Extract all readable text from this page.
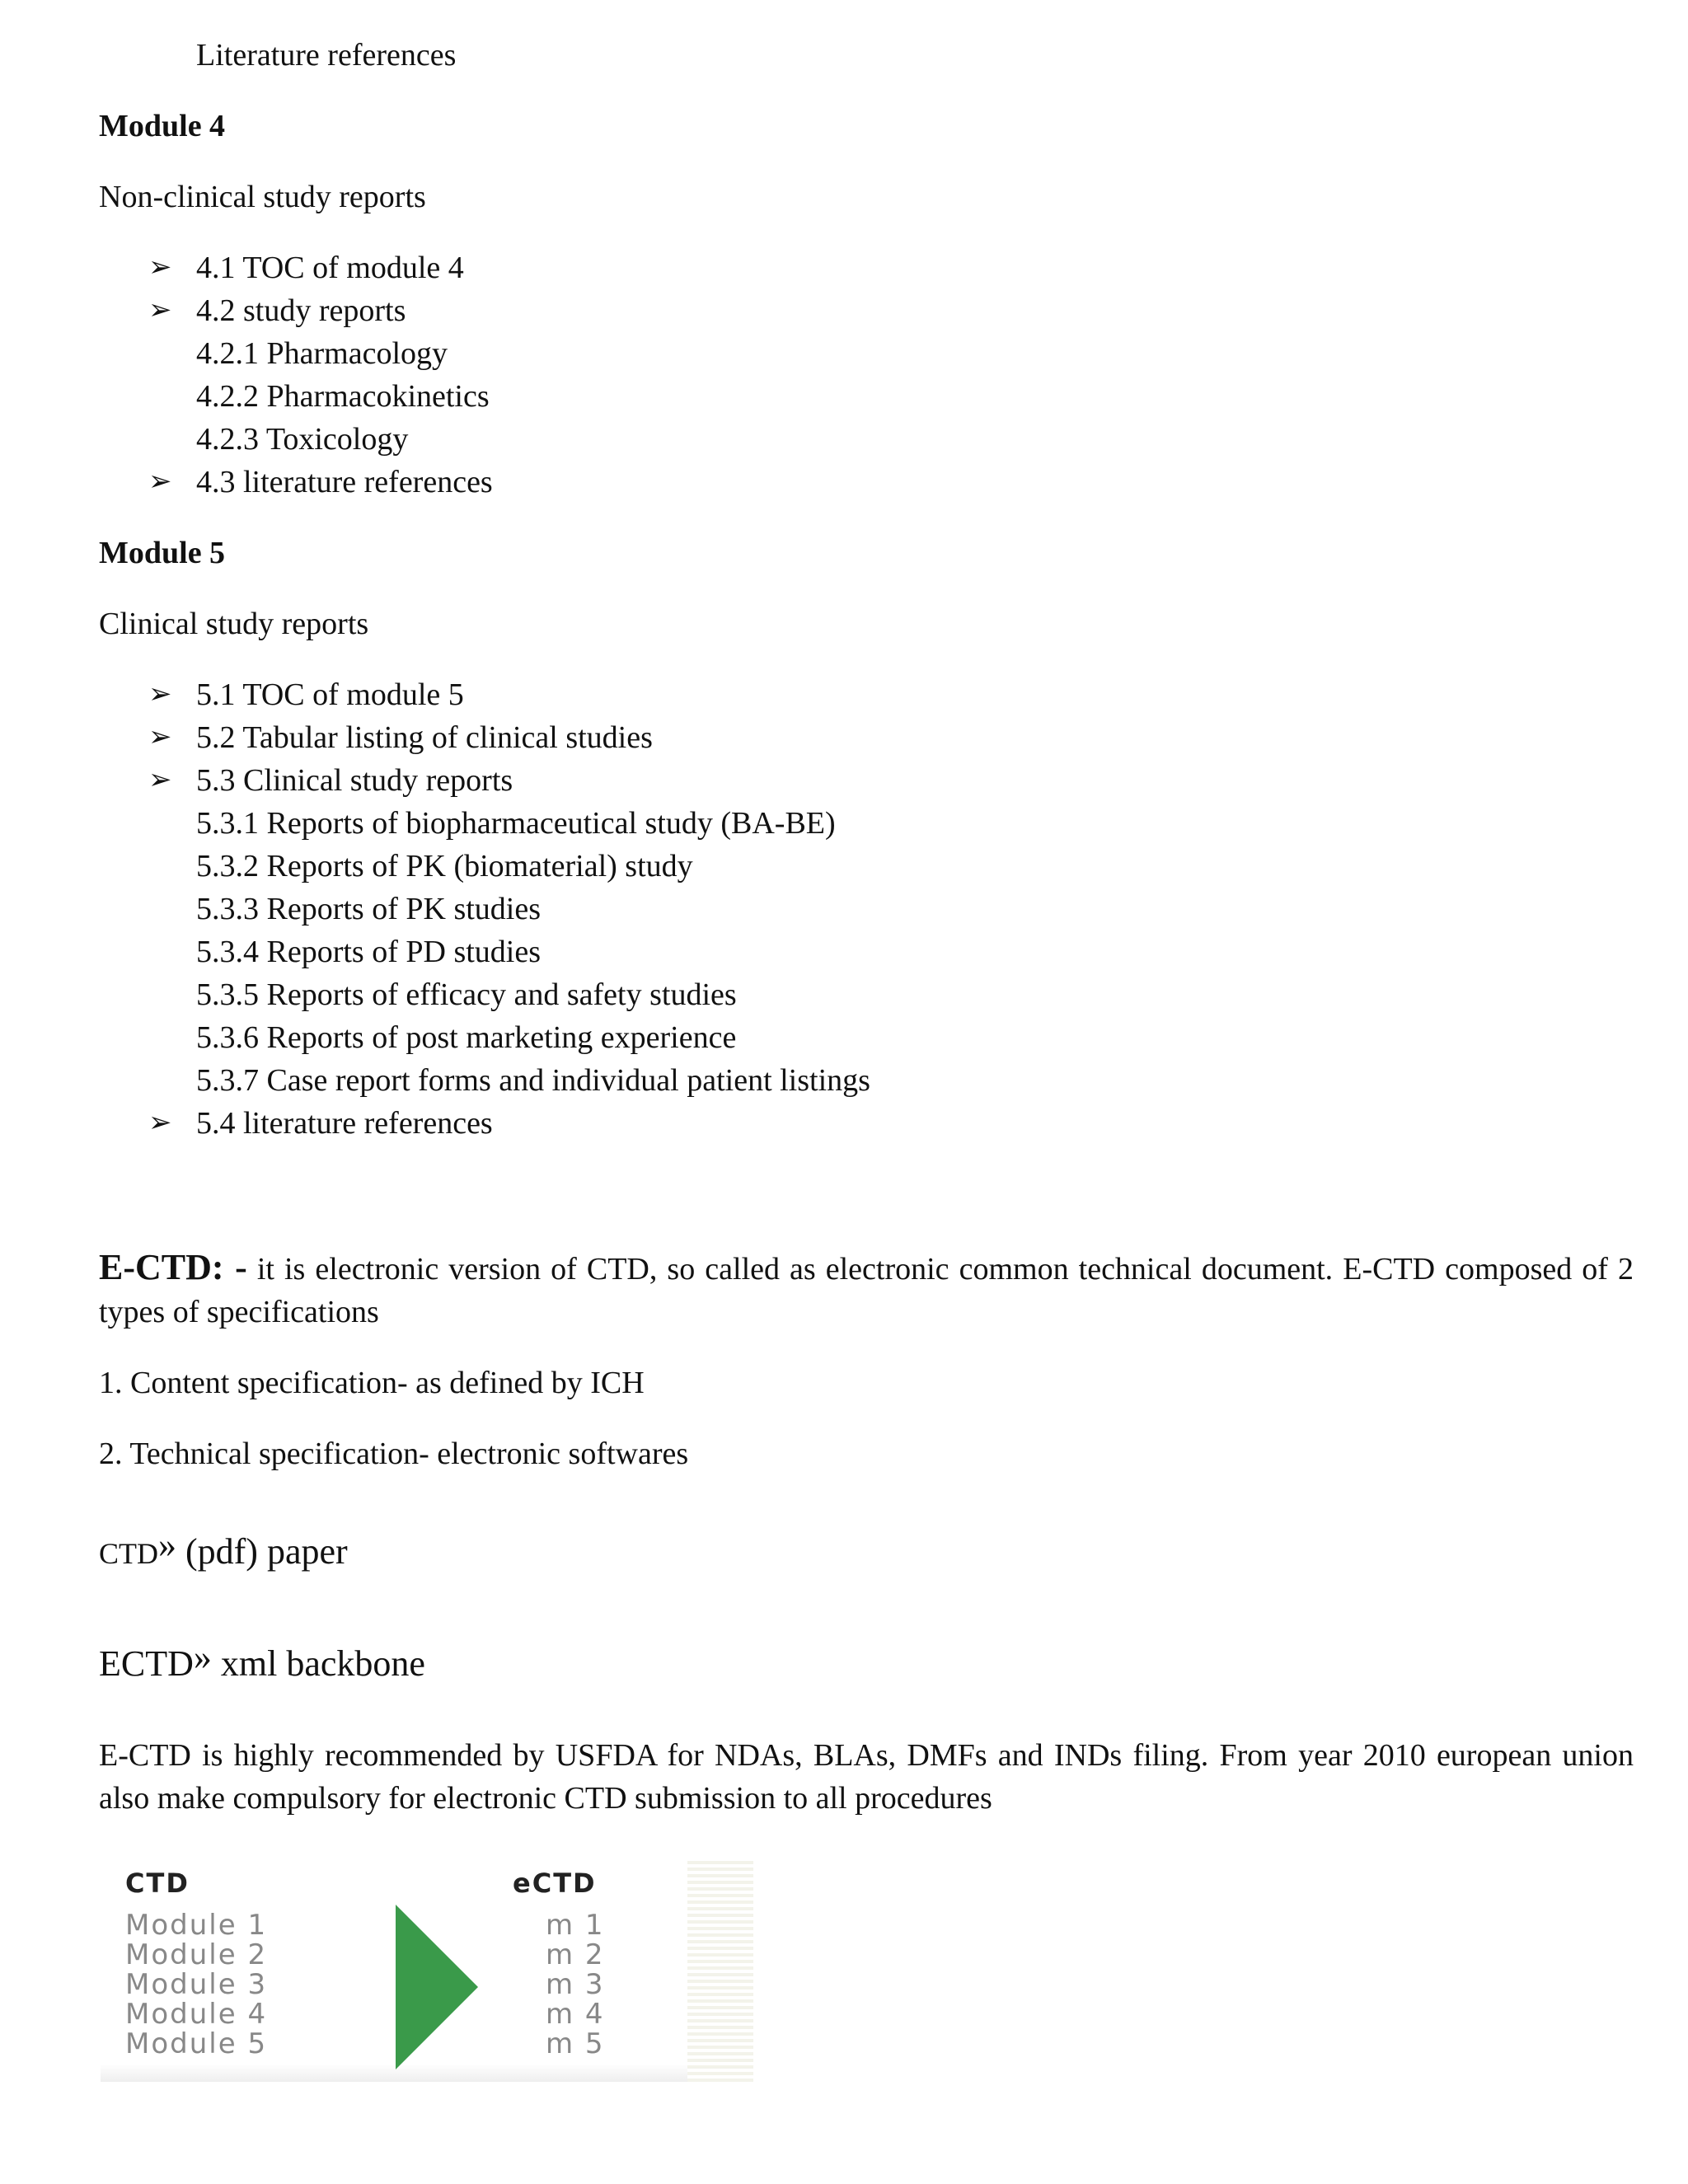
Literature references
Module 4
Non-clinical study reports
➢ 4.1 TOC of module 4
➢ 4.2 study reports
4.2.1 Pharmacology
4.2.2 Pharmacokinetics
4.2.3 Toxicology
➢ 4.3 literature references
Module 5
Clinical study reports
➢ 5.1 TOC of module 5
➢ 5.2 Tabular listing of clinical studies
➢ 5.3 Clinical study reports
5.3.1 Reports of biopharmaceutical study (BA-BE)
5.3.2 Reports of PK (biomaterial) study
5.3.3 Reports of PK studies
5.3.4 Reports of PD studies
5.3.5 Reports of efficacy and safety studies
5.3.6 Reports of post marketing experience
5.3.7 Case report forms and individual patient listings
➢ 5.4 literature references
E-CTD: - it is electronic version of CTD, so called as electronic common technical document. E-CTD composed of 2 types of specifications
1. Content specification- as defined by ICH
2. Technical specification- electronic softwares
CTD» (pdf) paper
ECTD» xml backbone
E-CTD is highly recommended by USFDA for NDAs, BLAs, DMFs and INDs filing. From year 2010 european union also make compulsory for electronic CTD submission to all procedures
CTD	eCTD
Module 1
Module 2
Module 3
Module 4
Module 5
m 1
m 2
m 3
m 4
m 5
